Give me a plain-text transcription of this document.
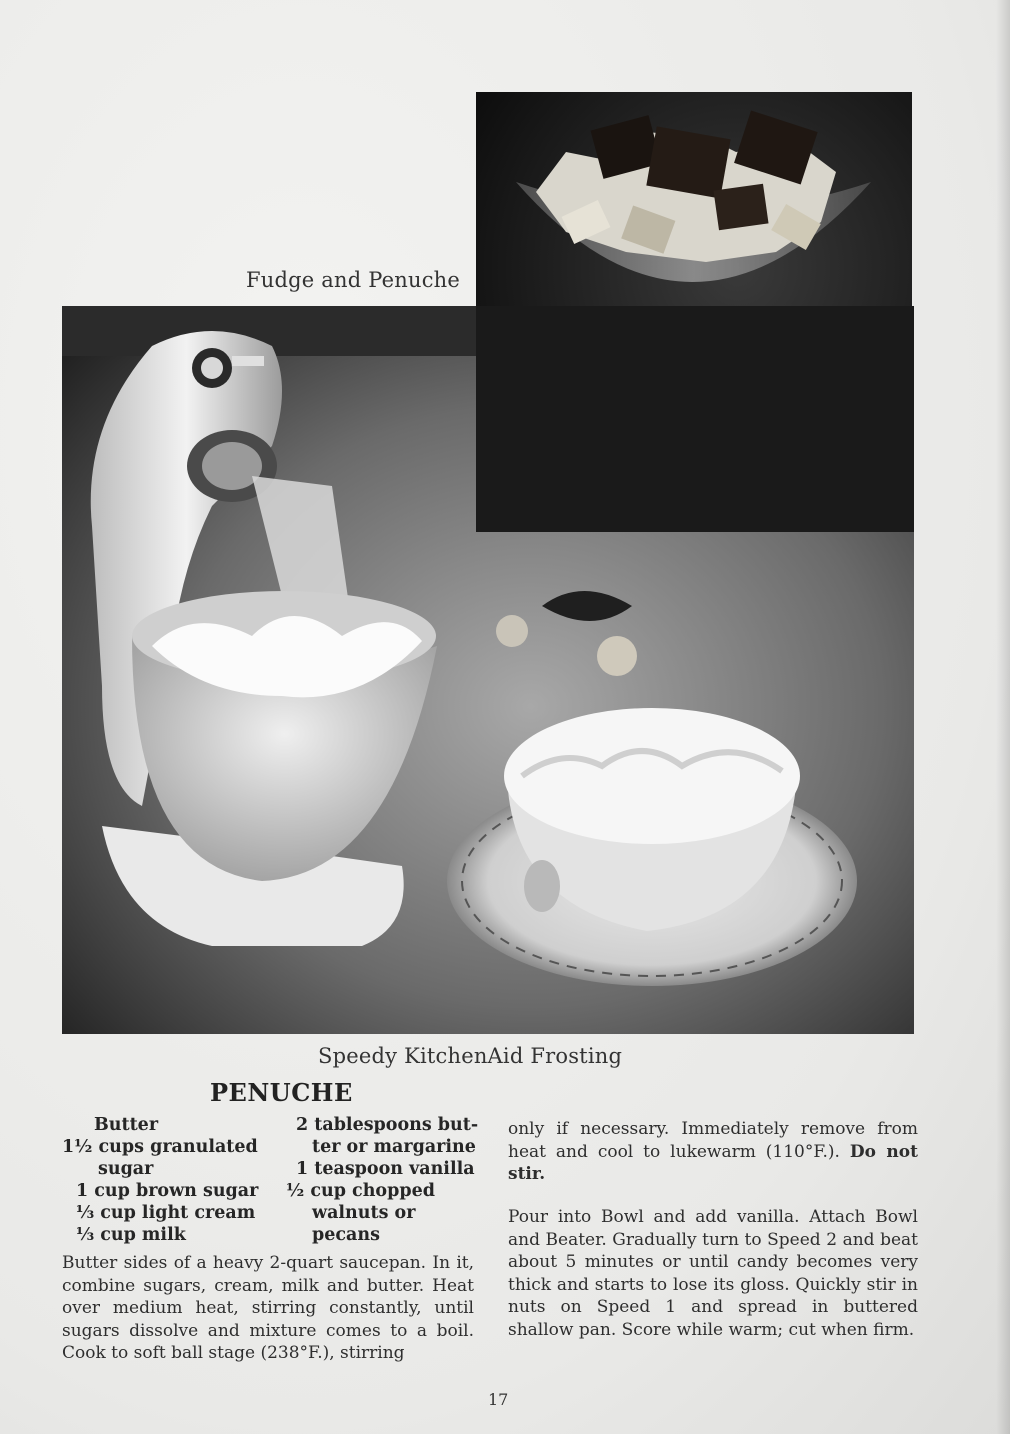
Fudge and Penuche
Speedy KitchenAid Frosting
PENUCHE
Butter
1½ cups granulated
sugar
1 cup brown sugar
⅓ cup light cream
⅓ cup milk
2 tablespoons but-
ter or margarine
1 teaspoon vanilla
½ cup chopped
walnuts or
pecans
Butter sides of a heavy 2-quart saucepan. In it, combine sugars, cream, milk and butter. Heat over medium heat, stirring constantly, until sugars dissolve and mixture comes to a boil. Cook to soft ball stage (238°F.), stirring
only if necessary. Immediately remove from heat and cool to lukewarm (110°F.). Do not stir.
Pour into Bowl and add vanilla. Attach Bowl and Beater. Gradually turn to Speed 2 and beat about 5 minutes or until candy becomes very thick and starts to lose its gloss. Quickly stir in nuts on Speed 1 and spread in buttered shallow pan. Score while warm; cut when firm.
17
